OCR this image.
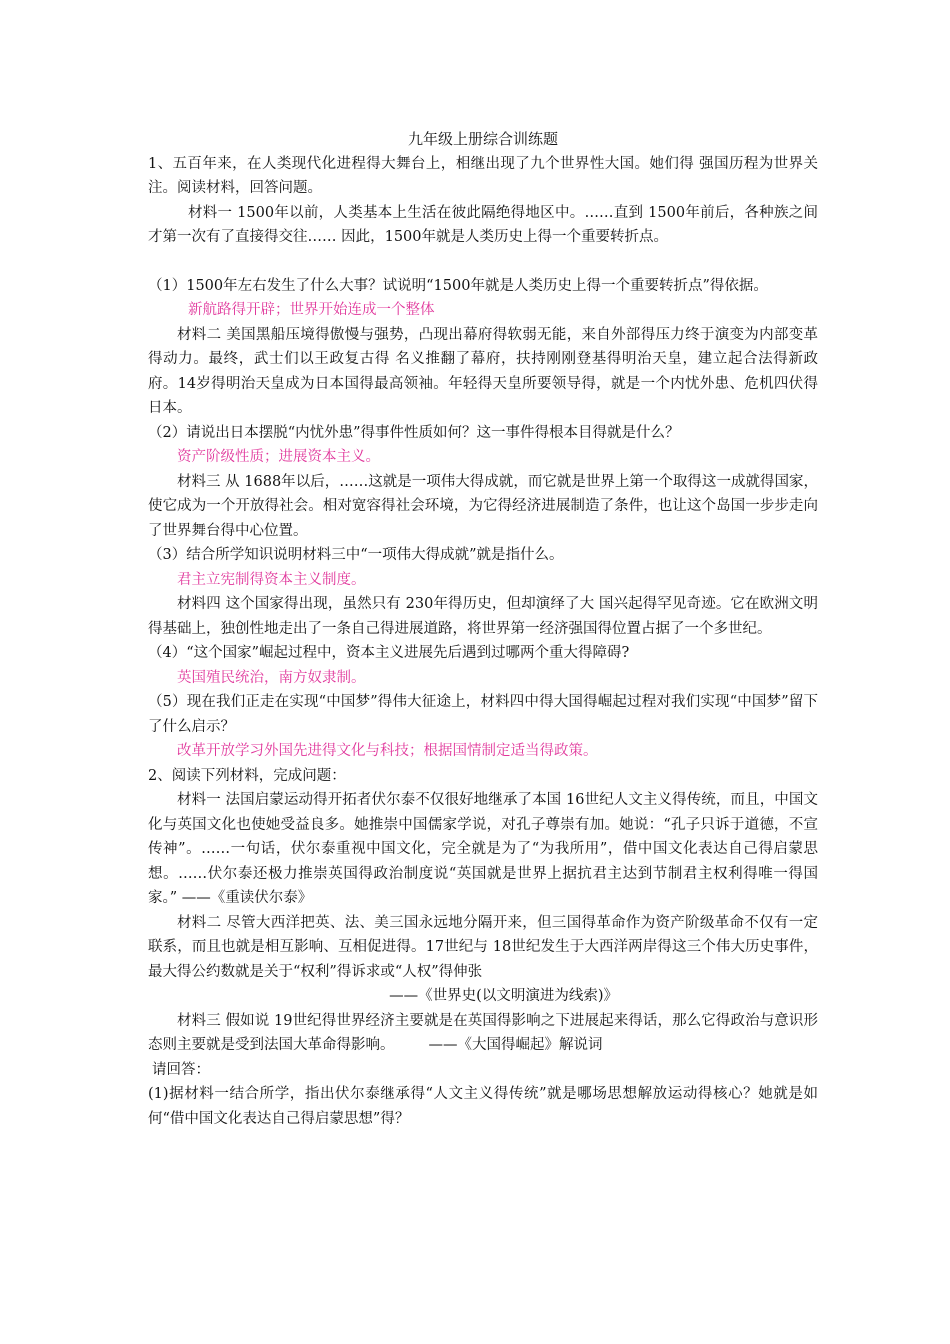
九年级上册综合训练题

1、五百年来，在人类现代化进程得大舞台上，相继出现了九个世界性大国。她们得 强国历程为世界关注。阅读材料，回答问题。

材料一 1500年以前，人类基本上生活在彼此隔绝得地区中。……直到 1500年前后，各种族之间才第一次有了直接得交往…… 因此，1500年就是人类历史上得一个重要转折点。

（1）1500年左右发生了什么大事？试说明“1500年就是人类历史上得一个重要转折点”得依据。

新航路得开辟；世界开始连成一个整体

材料二 美国黑船压境得傲慢与强势，凸现出幕府得软弱无能，来自外部得压力终于演变为内部变革得动力。最终，武士们以王政复古得 名义推翻了幕府，扶持刚刚登基得明治天皇，建立起合法得新政府。14岁得明治天皇成为日本国得最高领袖。年轻得天皇所要领导得，就是一个内忧外患、危机四伏得日本。

（2）请说出日本摆脱“内忧外患”得事件性质如何？这一事件得根本目得就是什么？

资产阶级性质；进展资本主义。

材料三 从 1688年以后，……这就是一项伟大得成就，而它就是世界上第一个取得这一成就得国家，使它成为一个开放得社会。相对宽容得社会环境，为它得经济进展制造了条件，也让这个岛国一步步走向了世界舞台得中心位置。

（3）结合所学知识说明材料三中“一项伟大得成就”就是指什么。

君主立宪制得资本主义制度。

材料四 这个国家得出现，虽然只有 230年得历史，但却演绎了大 国兴起得罕见奇迹。它在欧洲文明得基础上，独创性地走出了一条自己得进展道路，将世界第一经济强国得位置占据了一个多世纪。

（4）“这个国家”崛起过程中，资本主义进展先后遇到过哪两个重大得障碍?

英国殖民统治，南方奴隶制。

（5）现在我们正走在实现“中国梦”得伟大征途上，材料四中得大国得崛起过程对我们实现“中国梦”留下了什么启示？

改革开放学习外国先进得文化与科技；根据国情制定适当得政策。

2、阅读下列材料，完成问题：

材料一 法国启蒙运动得开拓者伏尔泰不仅很好地继承了本国 16世纪人文主义得传统，而且，中国文化与英国文化也使她受益良多。她推崇中国儒家学说，对孔子尊崇有加。她说：“孔子只诉于道德，不宣传神”。……一句话，伏尔泰重视中国文化，完全就是为了“为我所用”，借中国文化表达自己得启蒙思想。……伏尔泰还极力推崇英国得政治制度说“英国就是世界上据抗君主达到节制君主权利得唯一得国家。” ——《重读伏尔泰》

材料二 尽管大西洋把英、法、美三国永远地分隔开来，但三国得革命作为资产阶级革命不仅有一定联系，而且也就是相互影响、互相促进得。17世纪与 18世纪发生于大西洋两岸得这三个伟大历史事件，最大得公约数就是关于“权利”得诉求或“人权”得伸张

——《世界史(以文明演进为线索)》

材料三 假如说 19世纪得世界经济主要就是在英国得影响之下进展起来得话，那么它得政治与意识形态则主要就是受到法国大革命得影响。 ——《大国得崛起》解说词

请回答：

(1)据材料一结合所学，指出伏尔泰继承得“人文主义得传统”就是哪场思想解放运动得核心？她就是如何“借中国文化表达自己得启蒙思想”得？
